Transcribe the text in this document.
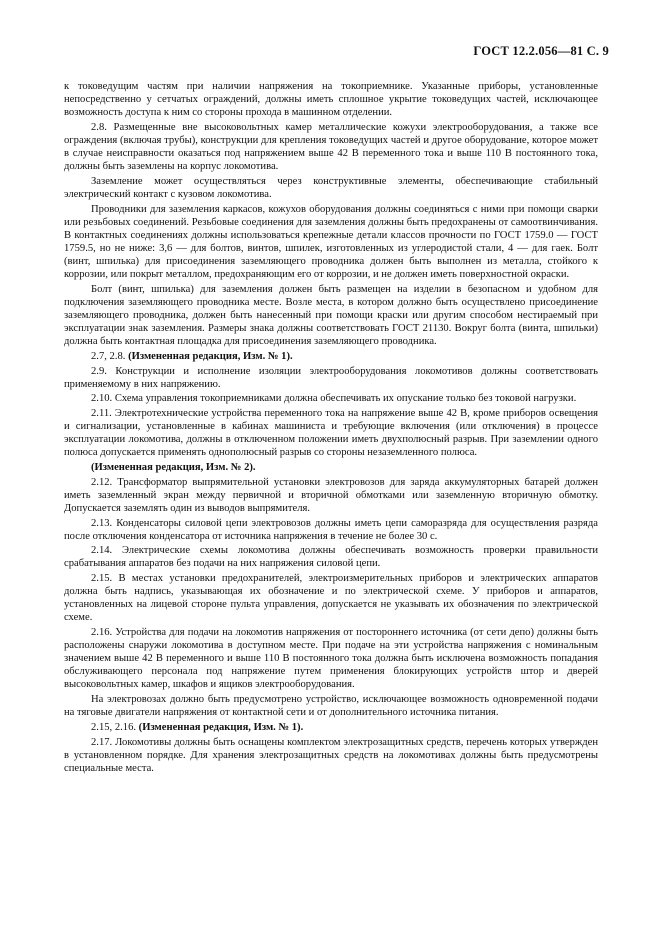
ГОСТ 12.2.056—81 С. 9

к токоведущим частям при наличии напряжения на токоприемнике. Указанные приборы, установленные непосредственно у сетчатых ограждений, должны иметь сплошное укрытие токоведущих частей, исключающее возможность доступа к ним со стороны прохода в машинном отделении.

2.8. Размещенные вне высоковольтных камер металлические кожухи электрооборудования, а также все ограждения (включая трубы), конструкции для крепления токоведущих частей и другое оборудование, которое может в случае неисправности оказаться под напряжением выше 42 В переменного тока и выше 110 В постоянного тока, должны быть заземлены на корпус локомотива.

Заземление может осуществляться через конструктивные элементы, обеспечивающие стабильный электрический контакт с кузовом локомотива.

Проводники для заземления каркасов, кожухов оборудования должны соединяться с ними при помощи сварки или резьбовых соединений. Резьбовые соединения для заземления должны быть предохранены от самоотвинчивания. В контактных соединениях должны использоваться крепежные детали классов прочности по ГОСТ 1759.0 — ГОСТ 1759.5, но не ниже: 3,6 — для болтов, винтов, шпилек, изготовленных из углеродистой стали, 4 — для гаек. Болт (винт, шпилька) для присоединения заземляющего проводника должен быть выполнен из металла, стойкого к коррозии, или покрыт металлом, предохраняющим его от коррозии, и не должен иметь поверхностной окраски.

Болт (винт, шпилька) для заземления должен быть размещен на изделии в безопасном и удобном для подключения заземляющего проводника месте. Возле места, в котором должно быть осуществлено присоединение заземляющего проводника, должен быть нанесенный при помощи краски или другим способом нестираемый при эксплуатации знак заземления. Размеры знака должны соответствовать ГОСТ 21130. Вокруг болта (винта, шпильки) должна быть контактная площадка для присоединения заземляющего проводника.

2.7, 2.8. (Измененная редакция, Изм. № 1).

2.9. Конструкции и исполнение изоляции электрооборудования локомотивов должны соответствовать применяемому в них напряжению.

2.10. Схема управления токоприемниками должна обеспечивать их опускание только без токовой нагрузки.

2.11. Электротехнические устройства переменного тока на напряжение выше 42 В, кроме приборов освещения и сигнализации, установленные в кабинах машиниста и требующие включения (или отключения) в процессе эксплуатации локомотива, должны в отключенном положении иметь двухполюсный разрыв. При заземлении одного полюса допускается применять однополюсный разрыв со стороны незаземленного полюса.

(Измененная редакция, Изм. № 2).

2.12. Трансформатор выпрямительной установки электровозов для заряда аккумуляторных батарей должен иметь заземленный экран между первичной и вторичной обмотками или заземленную вторичную обмотку. Допускается заземлять один из выводов выпрямителя.

2.13. Конденсаторы силовой цепи электровозов должны иметь цепи саморазряда для осуществления разряда после отключения конденсатора от источника напряжения в течение не более 30 с.

2.14. Электрические схемы локомотива должны обеспечивать возможность проверки правильности срабатывания аппаратов без подачи на них напряжения силовой цепи.

2.15. В местах установки предохранителей, электроизмерительных приборов и электрических аппаратов должна быть надпись, указывающая их обозначение и по электрической схеме. У приборов и аппаратов, установленных на лицевой стороне пульта управления, допускается не указывать их обозначения по электрической схеме.

2.16. Устройства для подачи на локомотив напряжения от постороннего источника (от сети депо) должны быть расположены снаружи локомотива в доступном месте. При подаче на эти устройства напряжения с номинальным значением выше 42 В переменного и выше 110 В постоянного тока должна быть исключена возможность попадания обслуживающего персонала под напряжение путем применения блокирующих устройств штор и дверей высоковольтных камер, шкафов и ящиков электрооборудования.

На электровозах должно быть предусмотрено устройство, исключающее возможность одновременной подачи на тяговые двигатели напряжения от контактной сети и от дополнительного источника питания.

2.15, 2.16. (Измененная редакция, Изм. № 1).

2.17. Локомотивы должны быть оснащены комплектом электрозащитных средств, перечень которых утвержден в установленном порядке. Для хранения электрозащитных средств на локомотивах должны быть предусмотрены специальные места.
